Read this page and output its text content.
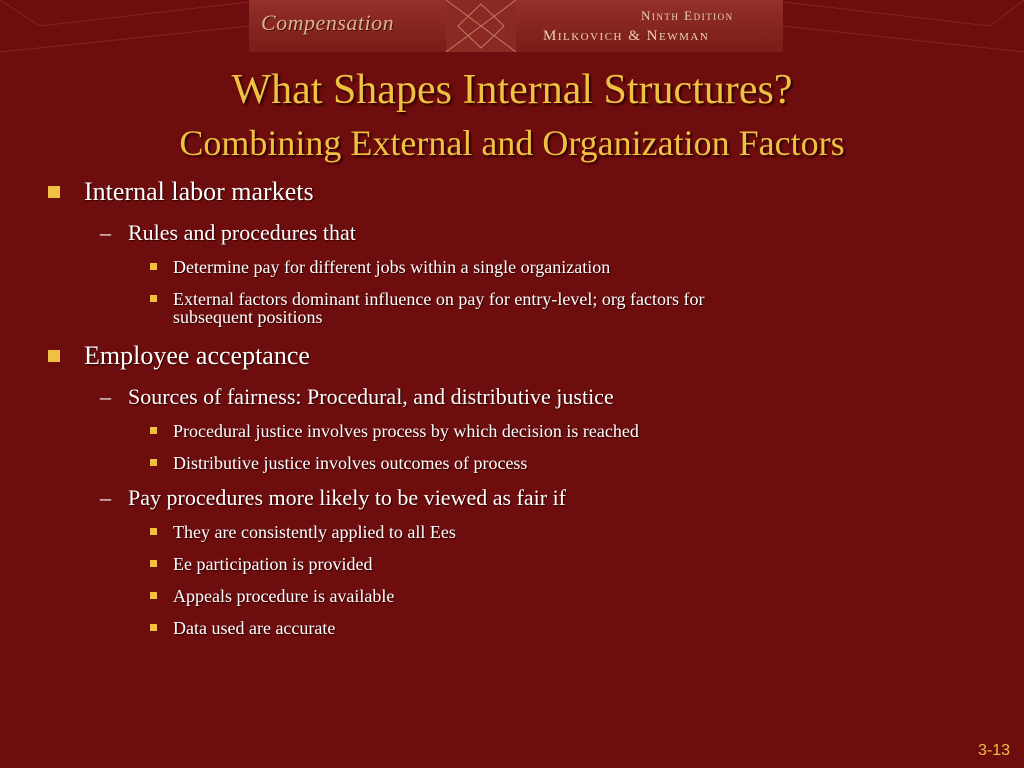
Compensation	Ninth Edition
Milkovich & Newman
What Shapes Internal Structures?
Combining External and Organization Factors
Internal labor markets
– Rules and procedures that
Determine pay for different jobs within a single organization
External factors dominant influence on pay for entry-level; org factors for
subsequent positions
Employee acceptance
– Sources of fairness: Procedural, and distributive justice
Procedural justice involves process by which decision is reached
Distributive justice involves outcomes of process
– Pay procedures more likely to be viewed as fair if
They are consistently applied to all Ees
Ee participation is provided
Appeals procedure is available
Data used are accurate
3-13
